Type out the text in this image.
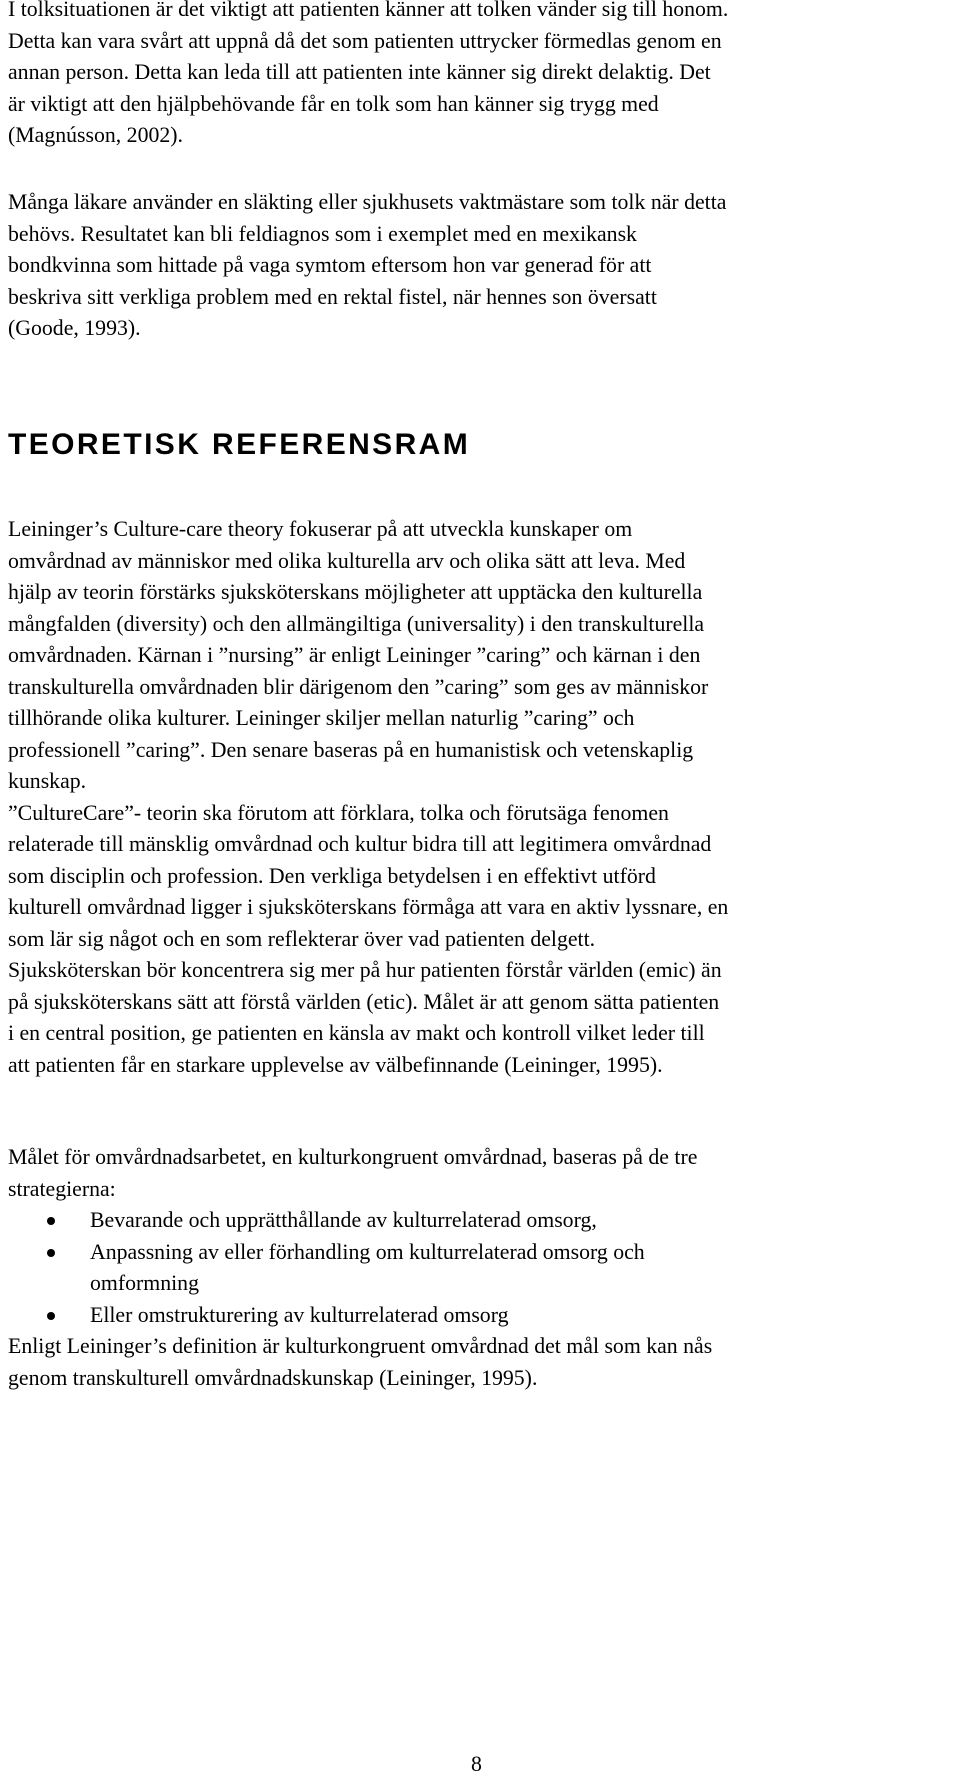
I tolksituationen är det viktigt att patienten känner att tolken vänder sig till honom.
Detta kan vara svårt att uppnå då det som patienten uttrycker förmedlas genom en
annan person. Detta kan leda till att patienten inte känner sig direkt delaktig. Det
är viktigt att den hjälpbehövande får en tolk som han känner sig trygg med
(Magnússon, 2002).

Många läkare använder en släkting eller sjukhusets vaktmästare som tolk när detta
behövs. Resultatet kan bli feldiagnos som i exemplet med en mexikansk
bondkvinna som hittade på vaga symtom eftersom hon var generad för att
beskriva sitt verkliga problem med en rektal fistel, när hennes son översatt
(Goode, 1993).

TEORETISK REFERENSRAM

Leininger’s Culture-care theory fokuserar på att utveckla kunskaper om
omvårdnad av människor med olika kulturella arv och olika sätt att leva. Med
hjälp av teorin förstärks sjuksköterskans möjligheter att upptäcka den kulturella
mångfalden (diversity) och den allmängiltiga (universality) i den transkulturella
omvårdnaden. Kärnan i ”nursing” är enligt Leininger ”caring” och kärnan i den
transkulturella omvårdnaden blir därigenom den ”caring” som ges av människor
tillhörande olika kulturer. Leininger skiljer mellan naturlig ”caring” och
professionell ”caring”. Den senare baseras på en humanistisk och vetenskaplig
kunskap.
”CultureCare”- teorin ska förutom att förklara, tolka och förutsäga fenomen
relaterade till mänsklig omvårdnad och kultur bidra till att legitimera omvårdnad
som disciplin och profession. Den verkliga betydelsen i en effektivt utförd
kulturell omvårdnad ligger i sjuksköterskans förmåga att vara en aktiv lyssnare, en
som lär sig något och en som reflekterar över vad patienten delgett.
Sjuksköterskan bör koncentrera sig mer på hur patienten förstår världen (emic) än
på sjuksköterskans sätt att förstå världen (etic). Målet är att genom sätta patienten
i en central position, ge patienten en känsla av makt och kontroll vilket leder till
att patienten får en starkare upplevelse av välbefinnande (Leininger, 1995).

Målet för omvårdnadsarbetet, en kulturkongruent omvårdnad, baseras på de tre
strategierna:

Bevarande och upprätthållande av kulturrelaterad omsorg,
Anpassning av eller förhandling om kulturrelaterad omsorg och
omformning
Eller omstrukturering av kulturrelaterad omsorg

Enligt Leininger’s definition är kulturkongruent omvårdnad det mål som kan nås
genom transkulturell omvårdnadskunskap (Leininger, 1995).

8
